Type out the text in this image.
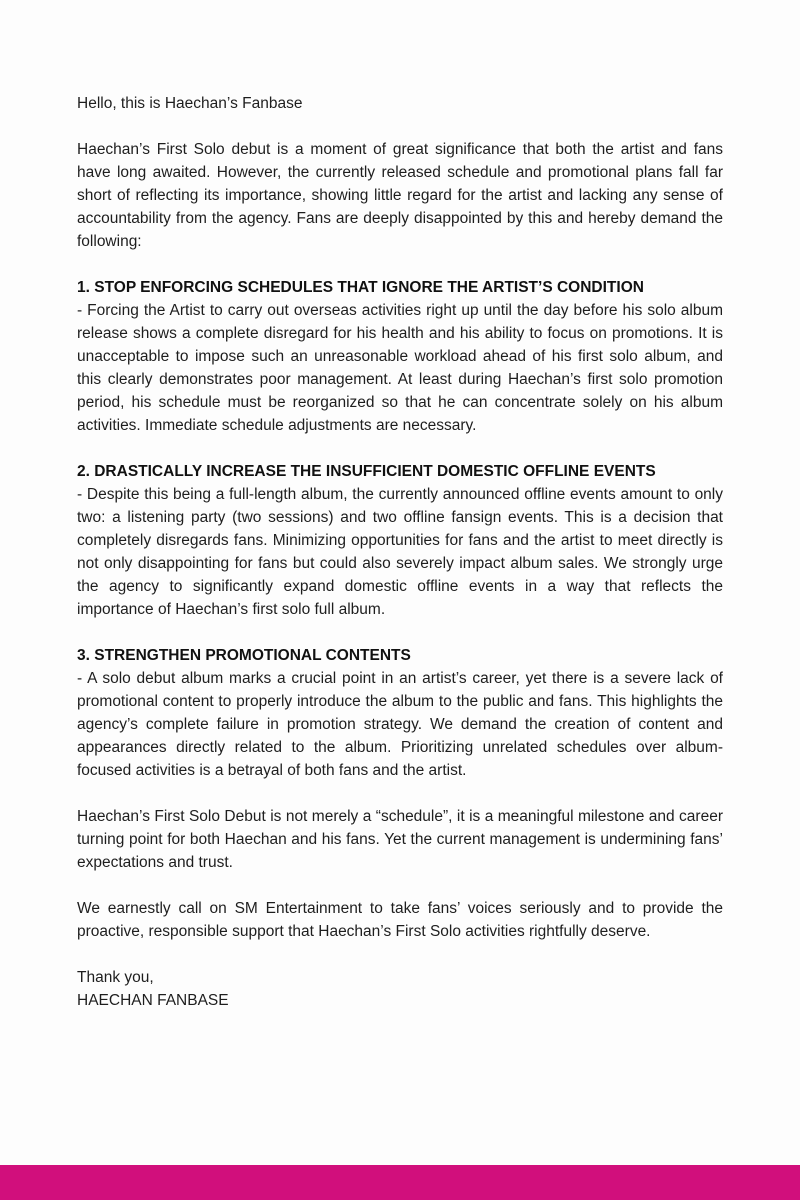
Hello, this is Haechan’s Fanbase

Haechan’s First Solo debut is a moment of great significance that both the artist and fans have long awaited. However, the currently released schedule and promotional plans fall far short of reflecting its importance, showing little regard for the artist and lacking any sense of accountability from the agency. Fans are deeply disappointed by this and hereby demand the following:

1. STOP ENFORCING SCHEDULES THAT IGNORE THE ARTIST’S CONDITION

- Forcing the Artist to carry out overseas activities right up until the day before his solo album release shows a complete disregard for his health and his ability to focus on promotions. It is unacceptable to impose such an unreasonable workload ahead of his first solo album, and this clearly demonstrates poor management. At least during Haechan’s first solo promotion period, his schedule must be reorganized so that he can concentrate solely on his album activities. Immediate schedule adjustments are necessary.

2. DRASTICALLY INCREASE THE INSUFFICIENT DOMESTIC OFFLINE EVENTS

- Despite this being a full-length album, the currently announced offline events amount to only two: a listening party (two sessions) and two offline fansign events. This is a decision that completely disregards fans. Minimizing opportunities for fans and the artist to meet directly is not only disappointing for fans but could also severely impact album sales. We strongly urge the agency to significantly expand domestic offline events in a way that reflects the importance of Haechan’s first solo full album.

3. STRENGTHEN PROMOTIONAL CONTENTS

- A solo debut album marks a crucial point in an artist’s career, yet there is a severe lack of promotional content to properly introduce the album to the public and fans. This highlights the agency’s complete failure in promotion strategy. We demand the creation of content and appearances directly related to the album. Prioritizing unrelated schedules over album-focused activities is a betrayal of both fans and the artist.

Haechan’s First Solo Debut is not merely a “schedule”, it is a meaningful milestone and career turning point for both Haechan and his fans. Yet the current management is undermining fans’ expectations and trust.

We earnestly call on SM Entertainment to take fans’ voices seriously and to provide the proactive, responsible support that Haechan’s First Solo activities rightfully deserve.

Thank you,

HAECHAN FANBASE
